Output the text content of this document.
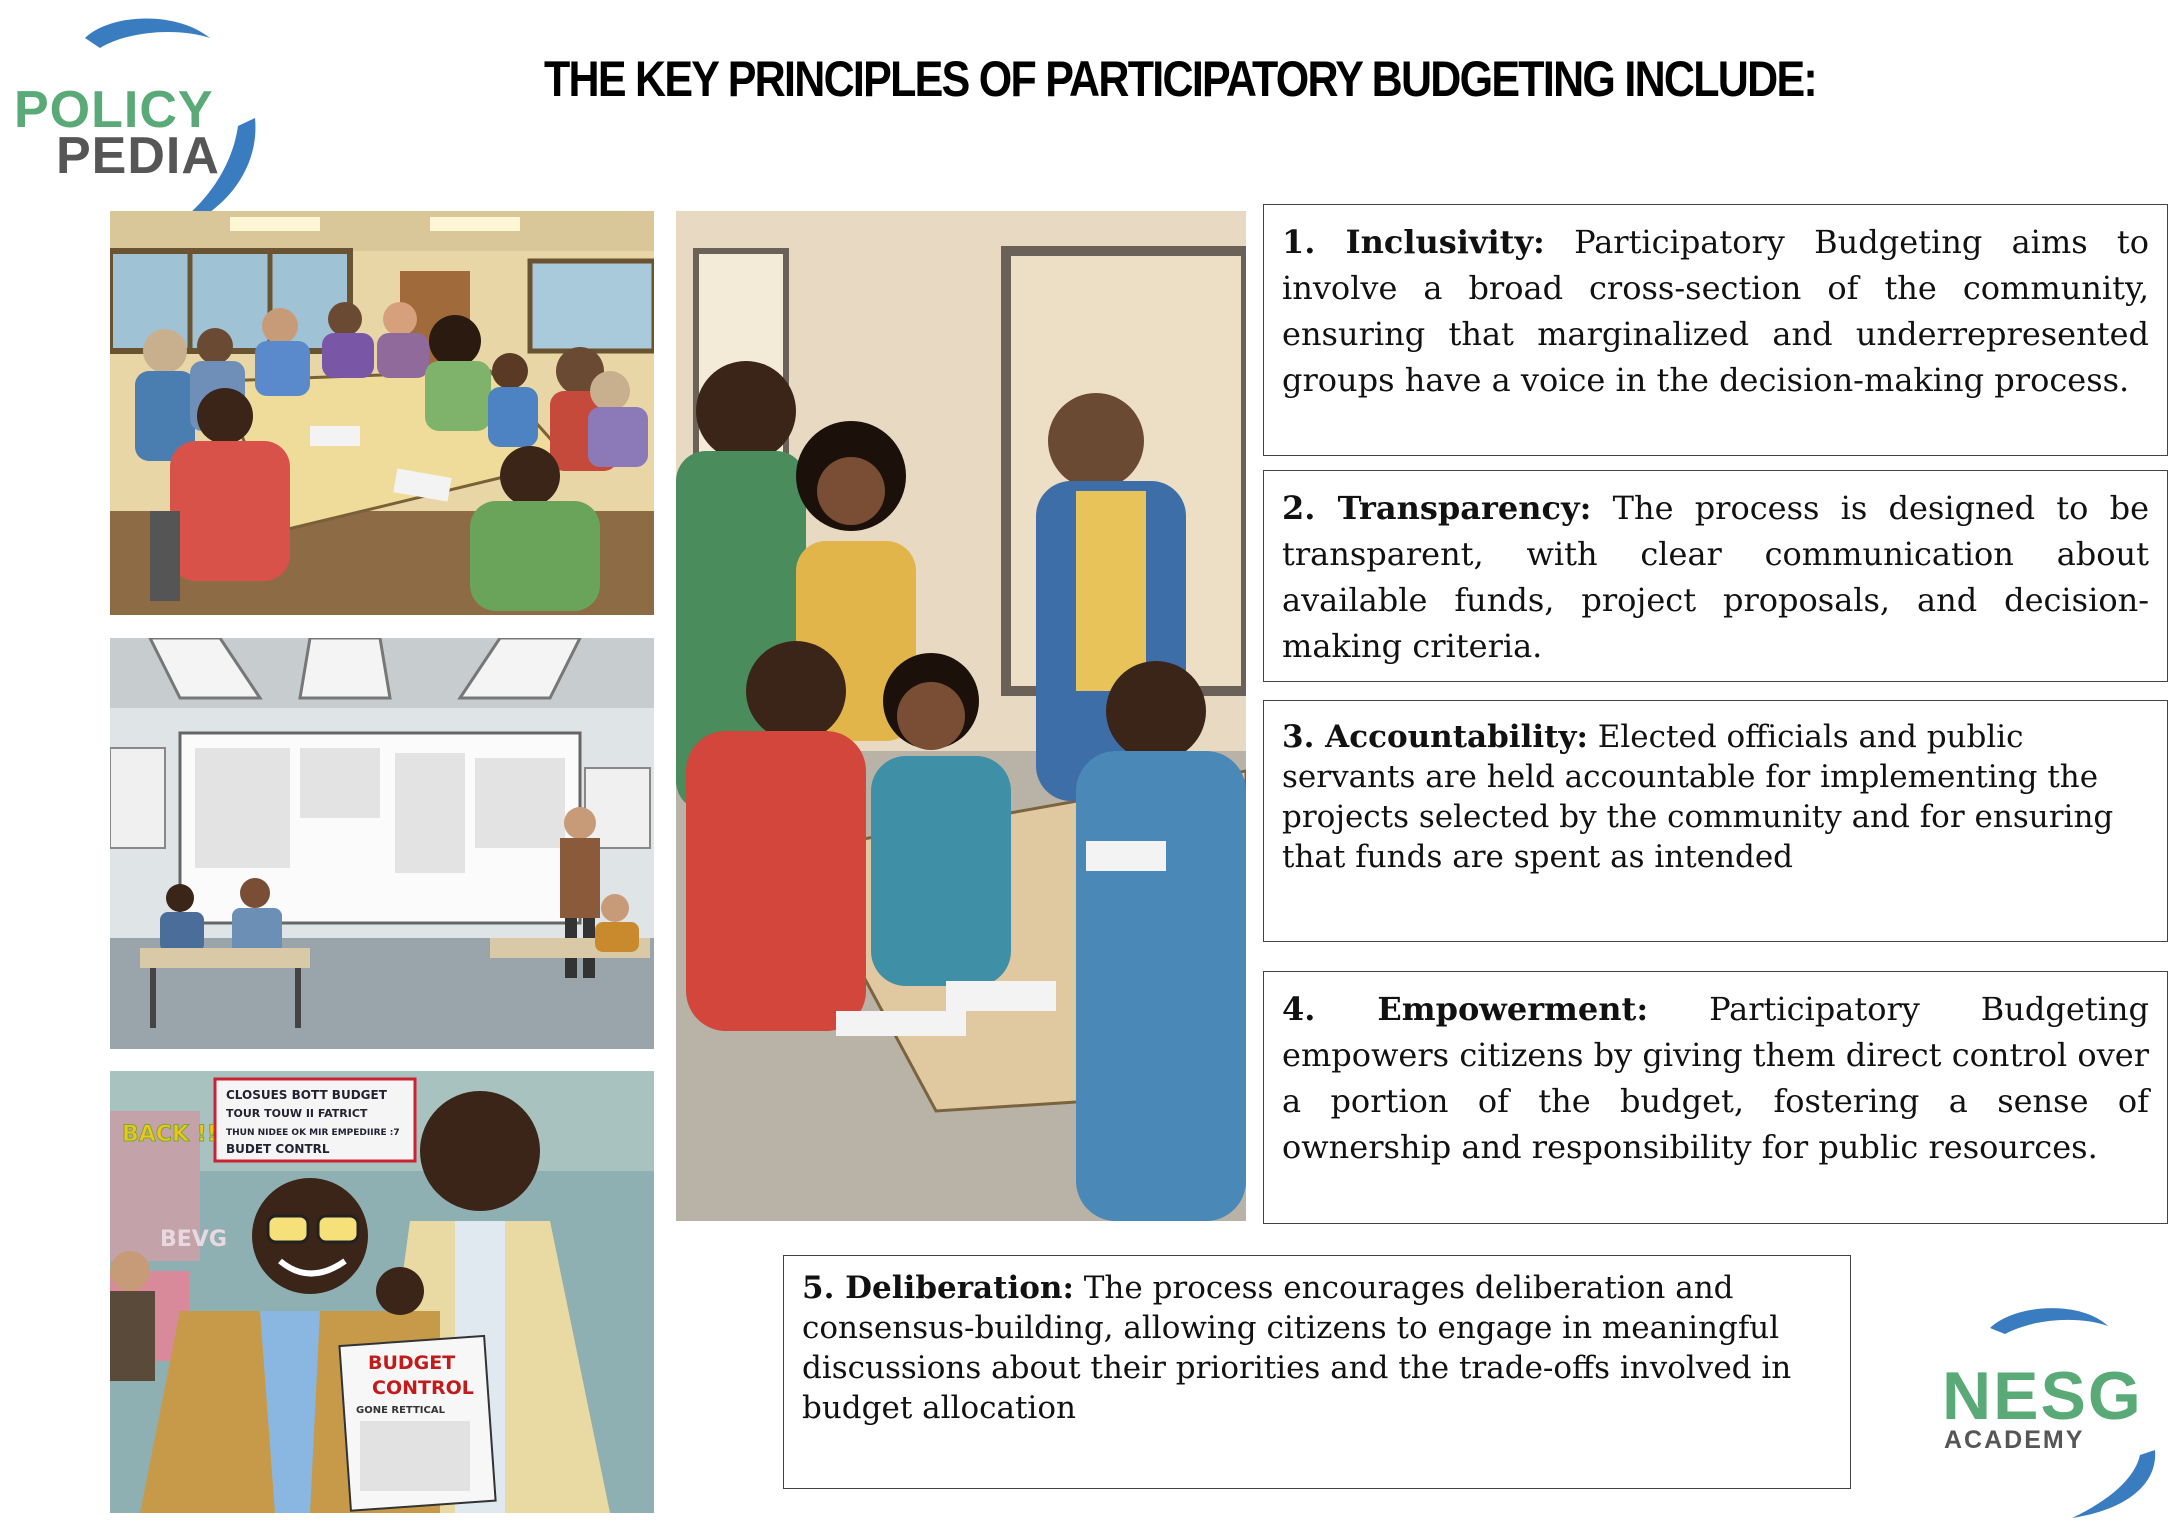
POLICY
PEDIA
THE KEY PRINCIPLES OF PARTICIPATORY BUDGETING INCLUDE:
CLOSUES BOTT BUDGET
TOUR TOUW II FATRICT
THUN NIDEE OK MIR EMPEDIIRE :7
BUDET CONTRL
BACK !!
BEVG
BUDGET
CONTROL
GONE RETTICAL
1. Inclusivity: Participatory Budgeting aims to involve a broad cross-section of the community, ensuring that marginalized and underrepresented groups have a voice in the decision-making process.
2. Transparency: The process is designed to be transparent, with clear communication about available funds, project proposals, and decision-making criteria.
3. Accountability: Elected officials and public servants are held accountable for implementing the projects selected by the community and for ensuring that funds are spent as intended
4. Empowerment: Participatory Budgeting empowers citizens by giving them direct control over a portion of the budget, fostering a sense of ownership and responsibility for public resources.
5. Deliberation: The process encourages deliberation and consensus-building, allowing citizens to engage in meaningful discussions about their priorities and the trade-offs involved in budget allocation	NESG
ACADEMY
